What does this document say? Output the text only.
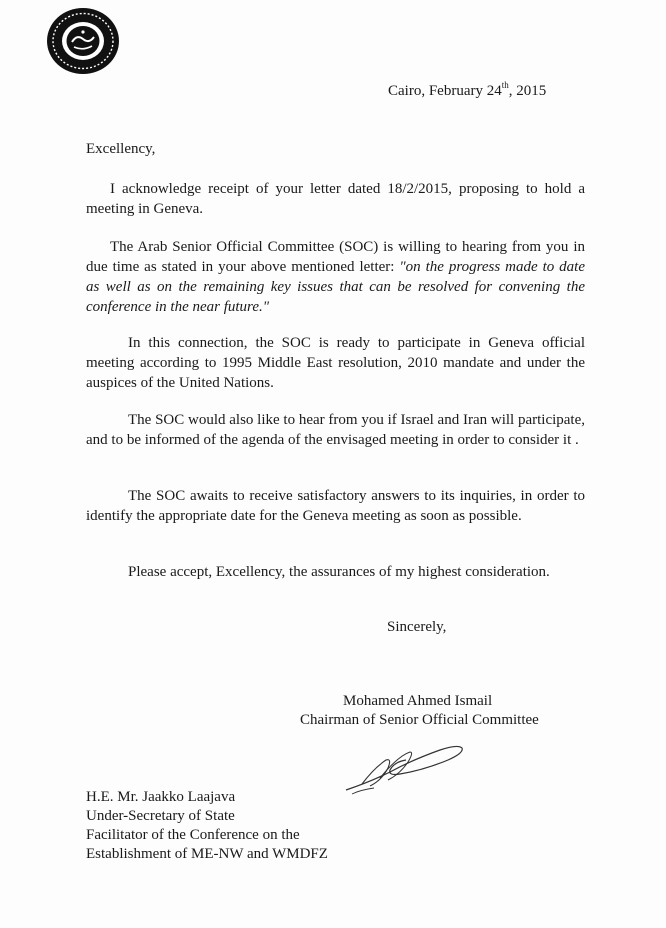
Cairo, February 24th, 2015
Excellency,

I acknowledge receipt of your letter dated 18/2/2015, proposing to hold a meeting in Geneva.

The Arab Senior Official Committee (SOC) is willing to hearing from you in due time as stated in your above mentioned letter: "on the progress made to date as well as on the remaining key issues that can be resolved for convening the conference in the near future."

In this connection, the SOC is ready to participate in Geneva official meeting according to 1995 Middle East resolution, 2010 mandate and under the auspices of the United Nations.

The SOC would also like to hear from you if Israel and Iran will participate, and to be informed of the agenda of the envisaged meeting in order to consider it .

The SOC awaits to receive satisfactory answers to its inquiries, in order to identify the appropriate date for the Geneva meeting as soon as possible.

Please accept, Excellency, the assurances of my highest consideration.

Sincerely,
Mohamed Ahmed Ismail
Chairman of Senior Official Committee
H.E. Mr. Jaakko Laajava
Under-Secretary of State
Facilitator of the Conference on the
Establishment of ME-NW and WMDFZ
